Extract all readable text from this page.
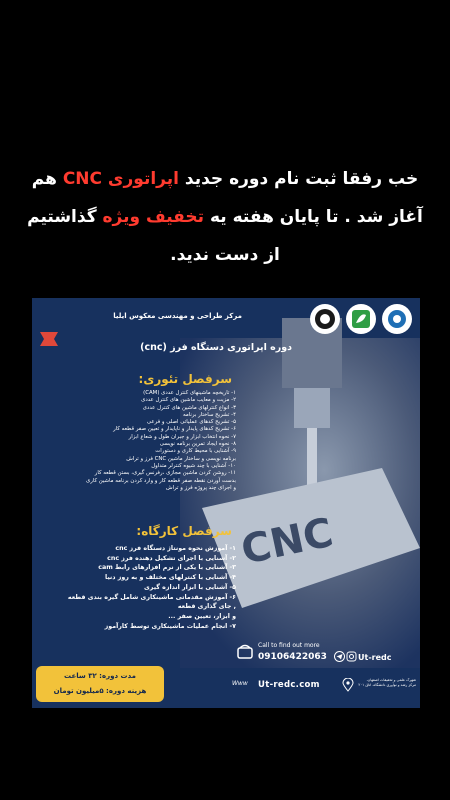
خب رفقا ثبت نام دوره جدید اپراتوری CNC هم آغاز شد . تا پایان هفته یه تخفیف ویژه گذاشتیم از دست ندید.
CNC
مرکز طراحی و مهندسی معکوس ایلیا
دوره اپراتوری دستگاه فرز (cnc)
سرفصل تئوری:
۱- تاریخچه ماشینهای کنترل عددی (CAM)
۲- مزیت و معایب ماشین های کنترل عددی
۳- انواع کنترلهای ماشین های کنترل عددی
۴- تشریح ساختار برنامه
۵- تشریح کدهای عملیاتی اصلی و فرعی
۶- تشریح کدهای پایدار و ناپایدار و تعیین صفر قطعه کار
۷- نحوه انتخاب ابزار و جبران طول و شعاع ابزار
۸- نحوه ایجاد تمرین برنامه نویسی
۹- آشنایی با محیط کاری و دستورات
برنامه نویسی و ساختار ماشین CNC فرز و تراش
۱۰- آشنایی با چند شیوه کنترلر متداول
۱۱- روشن کردن ماشین مجازی ،رفرنس گیری، بستن قطعه کار
بدست آوردن نقطه صفر قطعه کار و وارد کردن برنامه ماشین کاری
و اجرای چند پروژه فرز و تراش
سرفصل کارگاه:
۱- آموزش نحوه مونتاژ دستگاه فرز cnc
۲- آشنایی با اجرای تشکیل دهنده فرز cnc
۳- آشنایی با یکی از نرم افزارهای رابط cam
۴- آشنایی با کنترلهای مختلف و به روز دنیا
۵- آشنایی با ابزار اندازه گیری
۶- آموزش مقدماتی ماشینکاری شامل گیره بندی قطعه
, جای گذاری قطعه
و ابزار، تعیین صفر ...
۷- انجام عملیات ماشینکاری توسط کارآموز
مدت دوره: ۳۲ ساعت
هزینه دوره: ۵میلیون تومان
Call to find out more
09106422063
Www Ut-redc.com
Ut-redc
شهرک علمی و تحقیقات اصفهان، مرکز رشد و نوآوری دانشگاه، اتاق ۲۰۱
